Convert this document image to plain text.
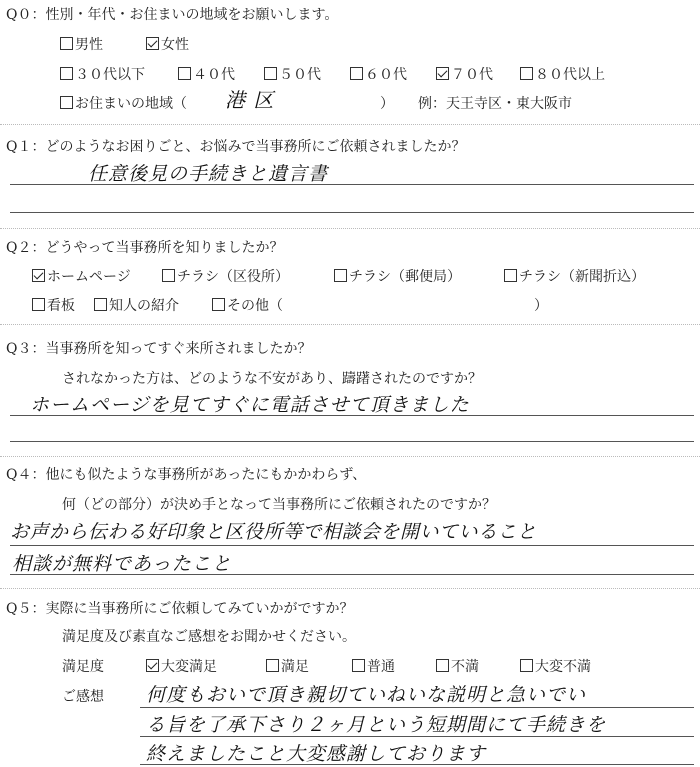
Q０：性別・年代・お住まいの地域をお願いします。
男性	女性
３０代以下	４０代	５０代	６０代	７０代	８０代以上
お住まいの地域（ 港 区	） 例：天王寺区・東大阪市
Q１：どのようなお困りごと、お悩みで当事務所にご依頼されましたか？
任意後見の手続きと遺言書
Q２：どうやって当事務所を知りましたか？
ホームページ	チラシ（区役所）	チラシ（郵便局）	チラシ（新聞折込）
看板	知人の紹介	その他（	）
Q３：当事務所を知ってすぐ来所されましたか？
されなかった方は、どのような不安があり、躊躇されたのですか？
ホームページを見てすぐに電話させて頂きました
Q４：他にも似たような事務所があったにもかかわらず、
何（どの部分）が決め手となって当事務所にご依頼されたのですか？
お声から伝わる好印象と区役所等で相談会を開いていること
相談が無料であったこと
Q５：実際に当事務所にご依頼してみていかがですか？
満足度及び素直なご感想をお聞かせください。
満足度	大変満足	満足	普通	不満	大変不満
ご感想 何度もおいで頂き親切ていねいな説明と急いでい
る旨を了承下さり２ヶ月という短期間にて手続きを
終えましたこと大変感謝しております
